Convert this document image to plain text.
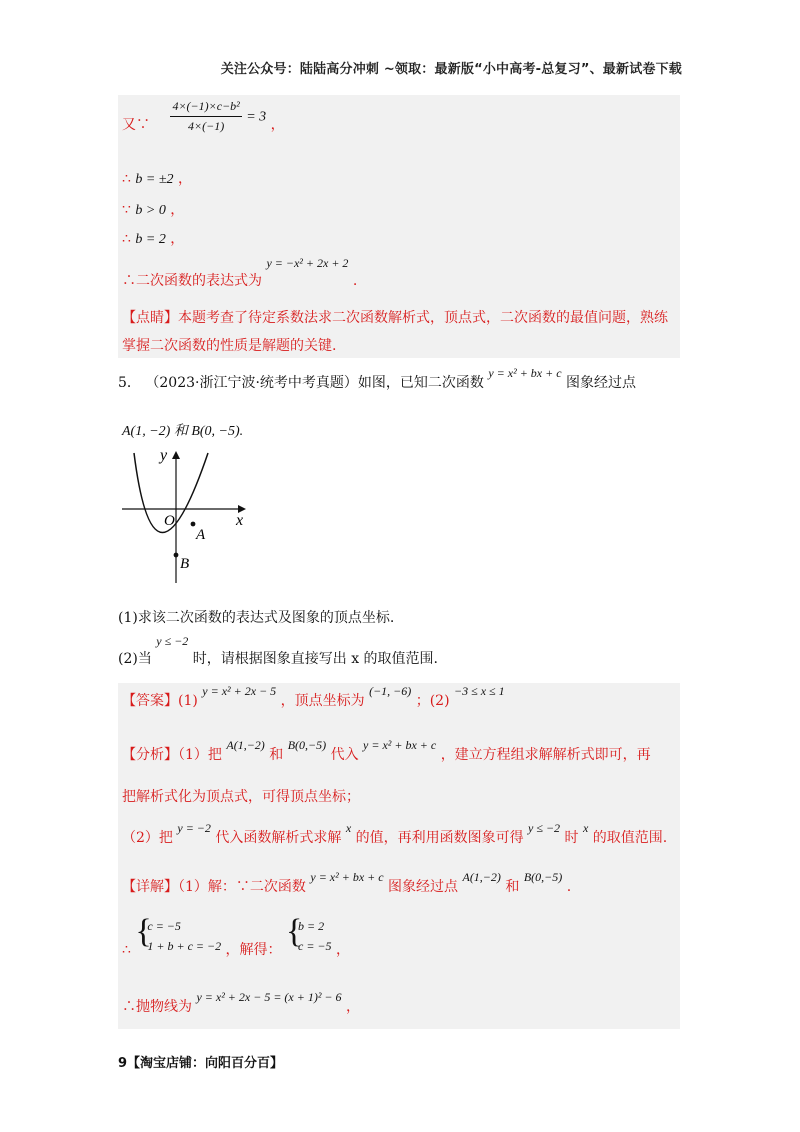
关注公众号：陆陆高分冲刺 ~领取：最新版“小中高考-总复习”、最新试卷下载
又∵ $\frac{\text{4×(−1)×c−b²}}{4\times(-1)} = 3$ ，
∴ b = ±2 ，
∵ b > 0 ，
∴ b = 2 ，
∴二次函数的表达式为 y = −x² + 2x + 2 .
【点睛】本题考查了待定系数法求二次函数解析式，顶点式，二次函数的最值问题，熟练掌握二次函数的性质是解题的关键.
5． （2023·浙江宁波·统考中考真题）如图，已知二次函数 y = x² + bx + c 图象经过点
A(1, −2) 和 B(0, −5).
y
x
O
A
B
(1)求该二次函数的表达式及图象的顶点坐标.
(2)当 y ≤ −2 时，请根据图象直接写出 x 的取值范围.
【答案】(1) y = x² + 2x − 5 ，顶点坐标为 (−1, −6) ；(2) −3 ≤ x ≤ 1
【分析】（1）把 A(1,−2) 和 B(0,−5) 代入 y = x² + bx + c ，建立方程组求解解析式即可，再
把解析式化为顶点式，可得顶点坐标；
（2）把 y = −2 代入函数解析式求解 x 的值，再利用函数图象可得 y ≤ −2 时 x 的取值范围.
【详解】（1）解：∵二次函数 y = x² + bx + c 图象经过点 A(1,−2) 和 B(0,−5) .
∴ {
c = −5
1 + b + c = −2 ，解得： {
b = 2
c = −5 ，
∴抛物线为 y = x² + 2x − 5 = (x + 1)² − 6 ，
9【淘宝店铺：向阳百分百】
